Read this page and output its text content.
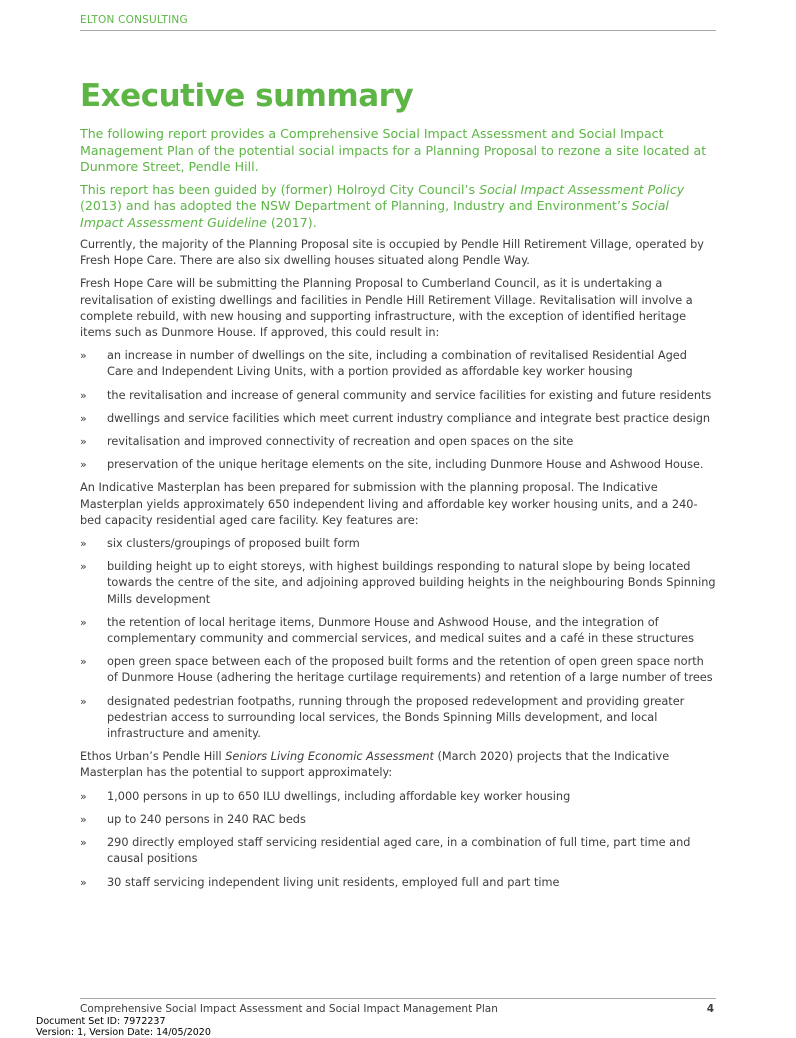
ELTON CONSULTING
Executive summary

The following report provides a Comprehensive Social Impact Assessment and Social Impact Management Plan of the potential social impacts for a Planning Proposal to rezone a site located at Dunmore Street, Pendle Hill.

This report has been guided by (former) Holroyd City Council’s Social Impact Assessment Policy (2013) and has adopted the NSW Department of Planning, Industry and Environment’s Social Impact Assessment Guideline (2017).

Currently, the majority of the Planning Proposal site is occupied by Pendle Hill Retirement Village, operated by Fresh Hope Care. There are also six dwelling houses situated along Pendle Way.

Fresh Hope Care will be submitting the Planning Proposal to Cumberland Council, as it is undertaking a revitalisation of existing dwellings and facilities in Pendle Hill Retirement Village. Revitalisation will involve a complete rebuild, with new housing and supporting infrastructure, with the exception of identified heritage items such as Dunmore House. If approved, this could result in:

»	an increase in number of dwellings on the site, including a combination of revitalised Residential Aged Care and Independent Living Units, with a portion provided as affordable key worker housing
»	the revitalisation and increase of general community and service facilities for existing and future residents
»	dwellings and service facilities which meet current industry compliance and integrate best practice design
»	revitalisation and improved connectivity of recreation and open spaces on the site
»	preservation of the unique heritage elements on the site, including Dunmore House and Ashwood House.

An Indicative Masterplan has been prepared for submission with the planning proposal. The Indicative Masterplan yields approximately 650 independent living and affordable key worker housing units, and a 240-bed capacity residential aged care facility. Key features are:

»	six clusters/groupings of proposed built form
»	building height up to eight storeys, with highest buildings responding to natural slope by being located towards the centre of the site, and adjoining approved building heights in the neighbouring Bonds Spinning Mills development
»	the retention of local heritage items, Dunmore House and Ashwood House, and the integration of complementary community and commercial services, and medical suites and a café in these structures
»	open green space between each of the proposed built forms and the retention of open green space north of Dunmore House (adhering the heritage curtilage requirements) and retention of a large number of trees
»	designated pedestrian footpaths, running through the proposed redevelopment and providing greater pedestrian access to surrounding local services, the Bonds Spinning Mills development, and local infrastructure and amenity.

Ethos Urban’s Pendle Hill Seniors Living Economic Assessment (March 2020) projects that the Indicative Masterplan has the potential to support approximately:

»	1,000 persons in up to 650 ILU dwellings, including affordable key worker housing
»	up to 240 persons in 240 RAC beds
»	290 directly employed staff servicing residential aged care, in a combination of full time, part time and causal positions
»	30 staff servicing independent living unit residents, employed full and part time
Comprehensive Social Impact Assessment and Social Impact Management Plan	4
Document Set ID: 7972237
Version: 1, Version Date: 14/05/2020
